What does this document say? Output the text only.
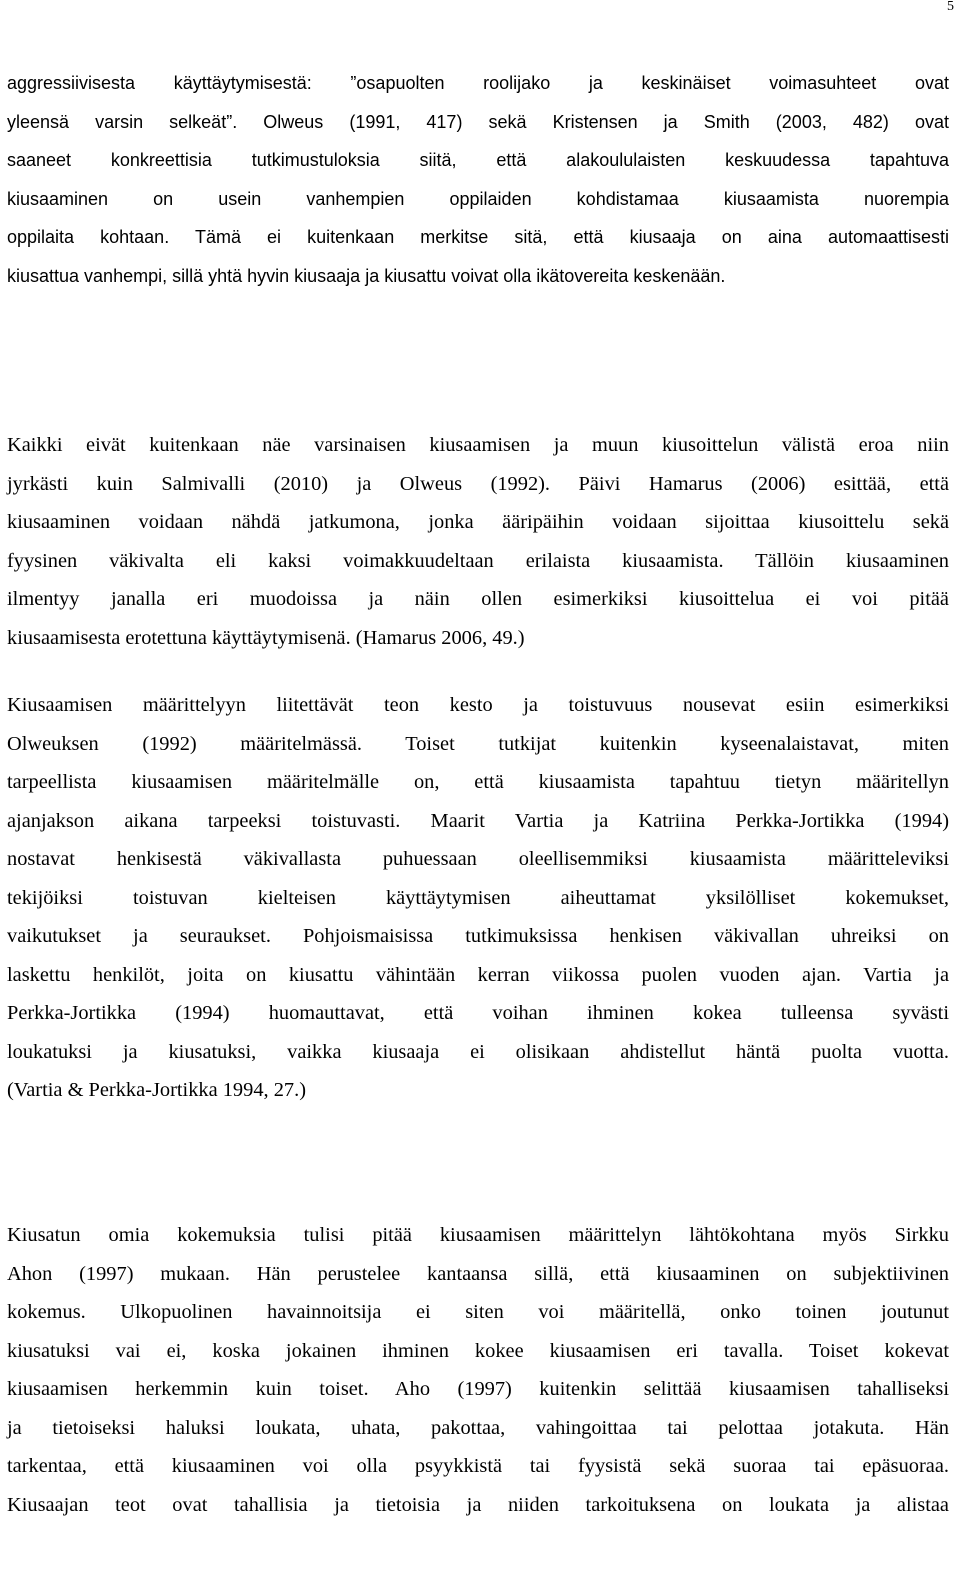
5
aggressiivisesta käyttäytymisestä: ”osapuolten roolijako ja keskinäiset voimasuhteet ovat
yleensä varsin selkeät”. Olweus (1991, 417) sekä Kristensen ja Smith (2003, 482) ovat
saaneet konkreettisia tutkimustuloksia siitä, että alakoululaisten keskuudessa tapahtuva
kiusaaminen on usein vanhempien oppilaiden kohdistamaa kiusaamista nuorempia
oppilaita kohtaan. Tämä ei kuitenkaan merkitse sitä, että kiusaaja on aina automaattisesti
kiusattua vanhempi, sillä yhtä hyvin kiusaaja ja kiusattu voivat olla ikätovereita keskenään.
Kaikki eivät kuitenkaan näe varsinaisen kiusaamisen ja muun kiusoittelun välistä eroa niin
jyrkästi kuin Salmivalli (2010) ja Olweus (1992). Päivi Hamarus (2006) esittää, että
kiusaaminen voidaan nähdä jatkumona, jonka ääripäihin voidaan sijoittaa kiusoittelu sekä
fyysinen väkivalta eli kaksi voimakkuudeltaan erilaista kiusaamista. Tällöin kiusaaminen
ilmentyy janalla eri muodoissa ja näin ollen esimerkiksi kiusoittelua ei voi pitää
kiusaamisesta erotettuna käyttäytymisenä. (Hamarus 2006, 49.)
Kiusaamisen määrittelyyn liitettävät teon kesto ja toistuvuus nousevat esiin esimerkiksi
Olweuksen (1992) määritelmässä. Toiset tutkijat kuitenkin kyseenalaistavat, miten
tarpeellista kiusaamisen määritelmälle on, että kiusaamista tapahtuu tietyn määritellyn
ajanjakson aikana tarpeeksi toistuvasti. Maarit Vartia ja Katriina Perkka-Jortikka (1994)
nostavat henkisestä väkivallasta puhuessaan oleellisemmiksi kiusaamista määritteleviksi
tekijöiksi toistuvan kielteisen käyttäytymisen aiheuttamat yksilölliset kokemukset,
vaikutukset ja seuraukset. Pohjoismaisissa tutkimuksissa henkisen väkivallan uhreiksi on
laskettu henkilöt, joita on kiusattu vähintään kerran viikossa puolen vuoden ajan. Vartia ja
Perkka-Jortikka (1994) huomauttavat, että voihan ihminen kokea tulleensa syvästi
loukatuksi ja kiusatuksi, vaikka kiusaaja ei olisikaan ahdistellut häntä puolta vuotta.
(Vartia & Perkka-Jortikka 1994, 27.)
Kiusatun omia kokemuksia tulisi pitää kiusaamisen määrittelyn lähtökohtana myös Sirkku
Ahon (1997) mukaan. Hän perustelee kantaansa sillä, että kiusaaminen on subjektiivinen
kokemus. Ulkopuolinen havainnoitsija ei siten voi määritellä, onko toinen joutunut
kiusatuksi vai ei, koska jokainen ihminen kokee kiusaamisen eri tavalla. Toiset kokevat
kiusaamisen herkemmin kuin toiset. Aho (1997) kuitenkin selittää kiusaamisen tahalliseksi
ja tietoiseksi haluksi loukata, uhata, pakottaa, vahingoittaa tai pelottaa jotakuta. Hän
tarkentaa, että kiusaaminen voi olla psyykkistä tai fyysistä sekä suoraa tai epäsuoraa.
Kiusaajan teot ovat tahallisia ja tietoisia ja niiden tarkoituksena on loukata ja alistaa
